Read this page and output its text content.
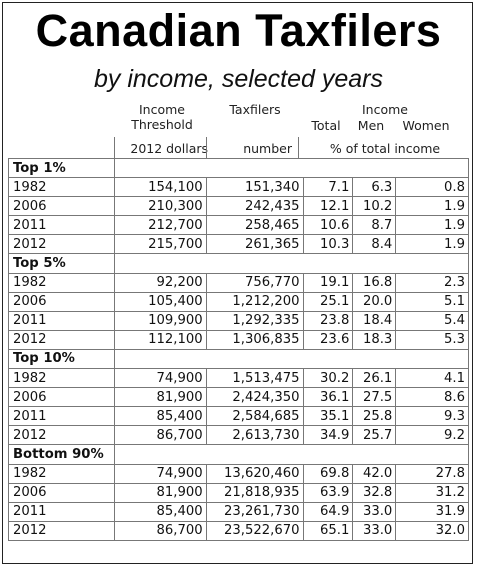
Canadian Taxfilers
by income, selected years
Income
Threshold
Taxfilers	Income
Total	Men	Women
2012 dollars	number	% of total income
Top 1%					
1982	154,100	151,340	7.1	6.3	0.8
2006	210,300	242,435	12.1	10.2	1.9
2011	212,700	258,465	10.6	8.7	1.9
2012	215,700	261,365	10.3	8.4	1.9
Top 5%					
1982	92,200	756,770	19.1	16.8	2.3
2006	105,400	1,212,200	25.1	20.0	5.1
2011	109,900	1,292,335	23.8	18.4	5.4
2012	112,100	1,306,835	23.6	18.3	5.3
Top 10%					
1982	74,900	1,513,475	30.2	26.1	4.1
2006	81,900	2,424,350	36.1	27.5	8.6
2011	85,400	2,584,685	35.1	25.8	9.3
2012	86,700	2,613,730	34.9	25.7	9.2
Bottom 90%					
1982	74,900	13,620,460	69.8	42.0	27.8
2006	81,900	21,818,935	63.9	32.8	31.2
2011	85,400	23,261,730	64.9	33.0	31.9
2012	86,700	23,522,670	65.1	33.0	32.0
